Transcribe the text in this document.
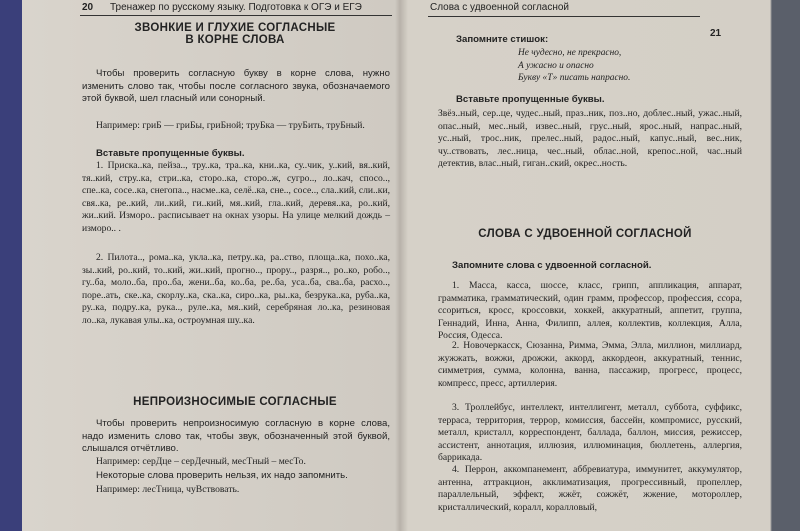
20 Тренажер по русскому языку. Подготовка к ОГЭ и ЕГЭ
ЗВОНКИЕ И ГЛУХИЕ СОГЛАСНЫЕ
В КОРНЕ СЛОВА

Чтобы проверить согласную букву в корне слова, нужно изменить слово так, чтобы после согласного звука, обозначаемого этой буквой, шел гласный или сонорный.

Например: гриБ — гриБы, гриБной; труБка — труБить, труБный.

Вставьте пропущенные буквы.

1. Приска..ка, пейза.., тру..ка, тра..ка, кни..ка, су..чик, у..кий, вя..кий, тя..кий, стру..ка, стри..ка, сторо..ка, сторо..ж, сугро.., ло..кач, спосо.., спе..ка, сосе..ка, снегопа.., насме..ка, селё..ка, сне.., сосе.., сла..кий, сли..ки, свя..ка, ре..кий, ли..кий, ги..кий, мя..кий, гла..кий, деревя..ка, ро..кий, жи..кий. Изморо.. расписывает на окнах узоры. На улице мелкий дождь – изморо.. .

2. Пилота.., рома..ка, укла..ка, петру..ка, ра..ство, площа..ка, похо..ка, зы..кий, ро..кий, то..кий, жи..кий, прогно.., прору.., разря.., ро..ко, робо.., гу..ба, моло..ба, про..ба, жени..ба, ко..ба, ре..ба, уса..ба, сва..ба, расхо.., поре..ать, ске..ка, скорлу..ка, ска..ка, сиро..ка, ры..ка, безрука..ка, руба..ка, ру..ка, подру..ка, рука.., руле..ка, мя..кий, серебряная ло..ка, резиновая ло..ка, лукавая улы..ка, остроумная шу..ка.

НЕПРОИЗНОСИМЫЕ СОГЛАСНЫЕ

Чтобы проверить непроизносимую согласную в корне слова, надо изменить слово так, чтобы звук, обозначенный этой буквой, слышался отчётливо.

Например: серДце – серДечный, месТный – месТо.

Некоторые слова проверить нельзя, их надо запомнить.

Например: лесТница, чуВствовать.

Слова с удвоенной согласной
21

Запомните стишок:

Не чудесно, не прекрасно,
А ужасно и опасно
Букву «Т» писать напрасно.

Вставьте пропущенные буквы.

Звёз..ный, сер..це, чудес..ный, праз..ник, поз..но, доблес..ный, ужас..ный, опас..ный, мес..ный, извес..ный, грус..ный, ярос..ный, напрас..ный, ус..ный, трос..ник, прелес..ный, радос..ный, капус..ный, вес..ник, чу..ствовать, лес..ница, чес..ный, облас..ной, крепос..ной, час..ный детектив, влас..ный, гиган..ский, окрес..ность.

СЛОВА С УДВОЕННОЙ СОГЛАСНОЙ

Запомните слова с удвоенной согласной.

1. Масса, касса, шоссе, класс, грипп, аппликация, аппарат, грамматика, грамматический, один грамм, профессор, профессия, ссора, ссориться, кросс, кроссовки, хоккей, аккуратный, аппетит, группа, Геннадий, Инна, Анна, Филипп, аллея, коллектив, коллекция, Алла, Россия, Одесса.

2. Новочеркасск, Сюзанна, Римма, Эмма, Элла, миллион, миллиард, жужжать, вожжи, дрожжи, аккорд, аккордеон, аккуратный, теннис, симметрия, сумма, колонна, ванна, пассажир, прогресс, процесс, компресс, пресс, артиллерия.

3. Троллейбус, интеллект, интеллигент, металл, суббота, суффикс, терраса, территория, террор, комиссия, бассейн, компромисс, русский, металл, кристалл, корреспондент, баллада, баллон, миссия, режиссер, ассистент, аннотация, иллюзия, иллюминация, бюллетень, аллергия, баррикада.

4. Перрон, аккомпанемент, аббревиатура, иммунитет, аккумулятор, антенна, аттракцион, акклиматизация, прогрессивный, пропеллер, параллельный, эффект, жжёт, сожжёт, жжение, мотороллер, кристаллический, коралл, коралловый,
